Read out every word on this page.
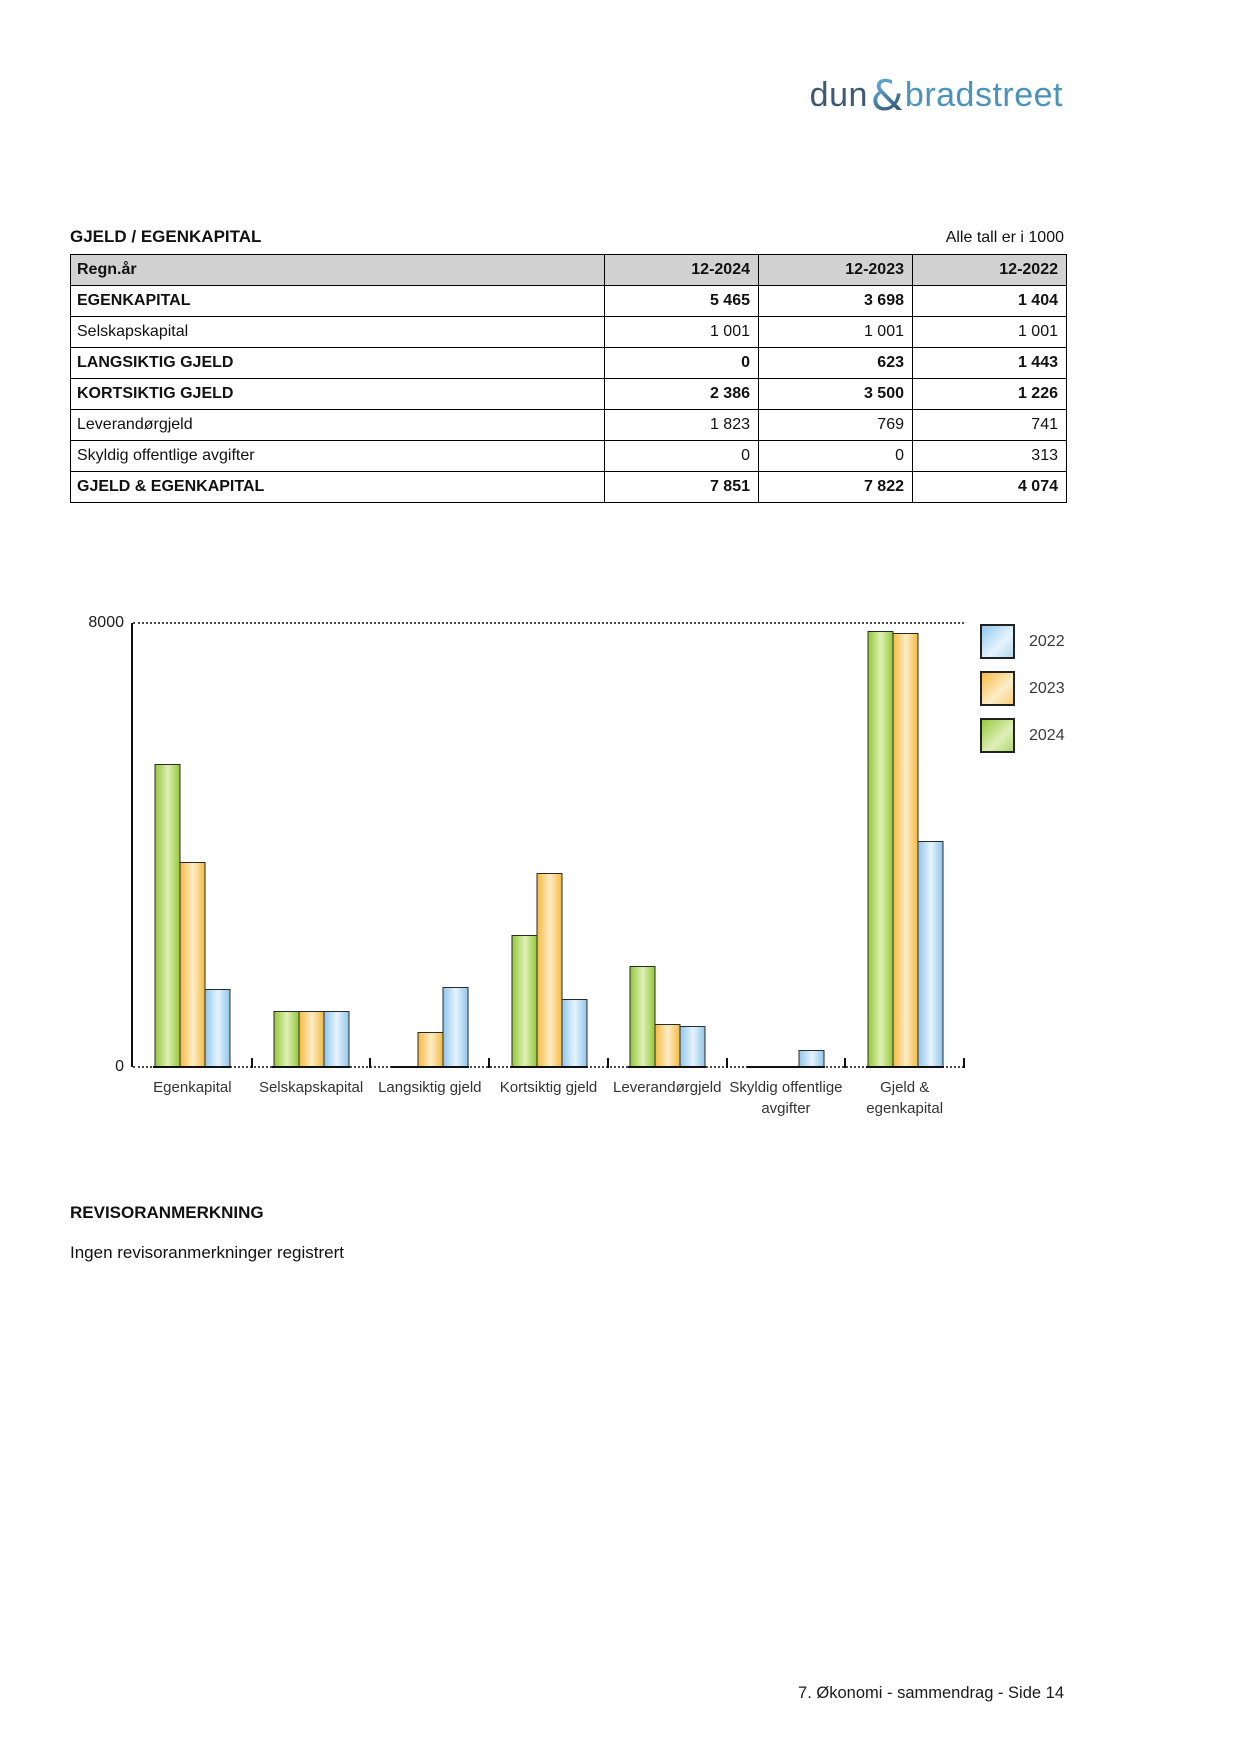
dun & bradstreet
GJELD / EGENKAPITAL	Alle tall er i 1000
Regn.år	12-2024	12-2023	12-2022
EGENKAPITAL	5 465	3 698	1 404
Selskapskapital	1 001	1 001	1 001
LANGSIKTIG GJELD	0	623	1 443
KORTSIKTIG GJELD	2 386	3 500	1 226
Leverandørgjeld	1 823	769	741
Skyldig offentlige avgifter	0	0	313
GJELD & EGENKAPITAL	7 851	7 822	4 074
8000
0
Egenkapital	Selskapskapital Langsiktig gjeld	Kortsiktig gjeld	Leverandørgjeld Skyldig offentlige avgifter
Gjeld & egenkapital
2022
2023
2024
REVISORANMERKNING
Ingen revisoranmerkninger registrert
7. Økonomi - sammendrag - Side 14
